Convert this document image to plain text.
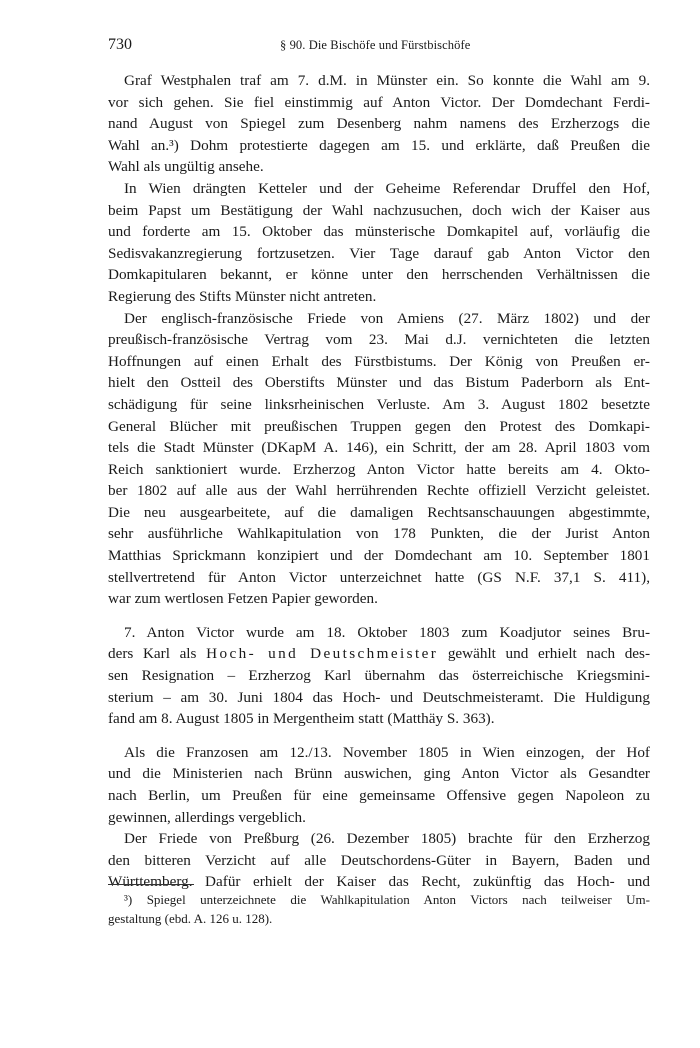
730	§ 90. Die Bischöfe und Fürstbischöfe
Graf Westphalen traf am 7. d.M. in Münster ein. So konnte die Wahl am 9.
vor sich gehen. Sie fiel einstimmig auf Anton Victor. Der Domdechant Ferdi-
nand August von Spiegel zum Desenberg nahm namens des Erzherzogs die
Wahl an.³) Dohm protestierte dagegen am 15. und erklärte, daß Preußen die
Wahl als ungültig ansehe.
In Wien drängten Ketteler und der Geheime Referendar Druffel den Hof,
beim Papst um Bestätigung der Wahl nachzusuchen, doch wich der Kaiser aus
und forderte am 15. Oktober das münsterische Domkapitel auf, vorläufig die
Sedisvakanzregierung fortzusetzen. Vier Tage darauf gab Anton Victor den
Domkapitularen bekannt, er könne unter den herrschenden Verhältnissen die
Regierung des Stifts Münster nicht antreten.
Der englisch-französische Friede von Amiens (27. März 1802) und der
preußisch-französische Vertrag vom 23. Mai d.J. vernichteten die letzten
Hoffnungen auf einen Erhalt des Fürstbistums. Der König von Preußen er-
hielt den Ostteil des Oberstifts Münster und das Bistum Paderborn als Ent-
schädigung für seine linksrheinischen Verluste. Am 3. August 1802 besetzte
General Blücher mit preußischen Truppen gegen den Protest des Domkapi-
tels die Stadt Münster (DKapM A. 146), ein Schritt, der am 28. April 1803 vom
Reich sanktioniert wurde. Erzherzog Anton Victor hatte bereits am 4. Okto-
ber 1802 auf alle aus der Wahl herrührenden Rechte offiziell Verzicht geleistet.
Die neu ausgearbeitete, auf die damaligen Rechtsanschauungen abgestimmte,
sehr ausführliche Wahlkapitulation von 178 Punkten, die der Jurist Anton
Matthias Sprickmann konzipiert und der Domdechant am 10. September 1801
stellvertretend für Anton Victor unterzeichnet hatte (GS N.F. 37,1 S. 411),
war zum wertlosen Fetzen Papier geworden.
7. Anton Victor wurde am 18. Oktober 1803 zum Koadjutor seines Bru-
ders Karl als Hoch- und Deutschmeister gewählt und erhielt nach des-
sen Resignation – Erzherzog Karl übernahm das österreichische Kriegsmini-
sterium – am 30. Juni 1804 das Hoch- und Deutschmeisteramt. Die Huldigung
fand am 8. August 1805 in Mergentheim statt (Matthäy S. 363).
Als die Franzosen am 12./13. November 1805 in Wien einzogen, der Hof
und die Ministerien nach Brünn auswichen, ging Anton Victor als Gesandter
nach Berlin, um Preußen für eine gemeinsame Offensive gegen Napoleon zu
gewinnen, allerdings vergeblich.
Der Friede von Preßburg (26. Dezember 1805) brachte für den Erzherzog
den bitteren Verzicht auf alle Deutschordens-Güter in Bayern, Baden und
Württemberg. Dafür erhielt der Kaiser das Recht, zukünftig das Hoch- und
³) Spiegel unterzeichnete die Wahlkapitulation Anton Victors nach teilweiser Um-
gestaltung (ebd. A. 126 u. 128).
